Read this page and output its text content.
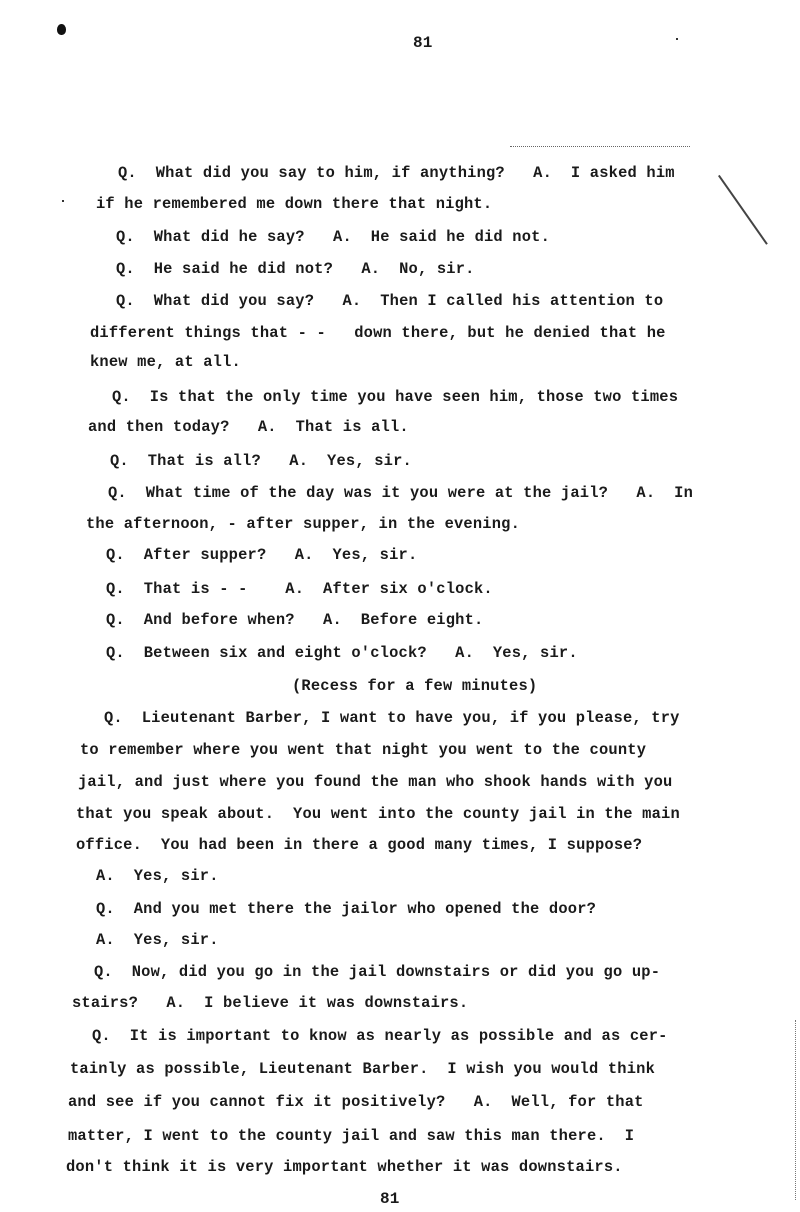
81
Q.  What did you say to him, if anything?   A.  I asked him
if he remembered me down there that night.
Q.  What did he say?   A.  He said he did not.
Q.  He said he did not?   A.  No, sir.
Q.  What did you say?   A.  Then I called his attention to
different things that - -   down there, but he denied that he
knew me, at all.
Q.  Is that the only time you have seen him, those two times
and then today?   A.  That is all.
Q.  That is all?   A.  Yes, sir.
Q.  What time of the day was it you were at the jail?   A.  In
the afternoon, - after supper, in the evening.
Q.  After supper?   A.  Yes, sir.
Q.  That is - -    A.  After six o'clock.
Q.  And before when?   A.  Before eight.
Q.  Between six and eight o'clock?   A.  Yes, sir.
(Recess for a few minutes)
Q.  Lieutenant Barber, I want to have you, if you please, try
to remember where you went that night you went to the county
jail, and just where you found the man who shook hands with you
that you speak about.  You went into the county jail in the main
office.  You had been in there a good many times, I suppose?
A.  Yes, sir.
Q.  And you met there the jailor who opened the door?
A.  Yes, sir.
Q.  Now, did you go in the jail downstairs or did you go up-
stairs?   A.  I believe it was downstairs.
Q.  It is important to know as nearly as possible and as cer-
tainly as possible, Lieutenant Barber.  I wish you would think
and see if you cannot fix it positively?   A.  Well, for that
matter, I went to the county jail and saw this man there.  I
don't think it is very important whether it was downstairs.
81
